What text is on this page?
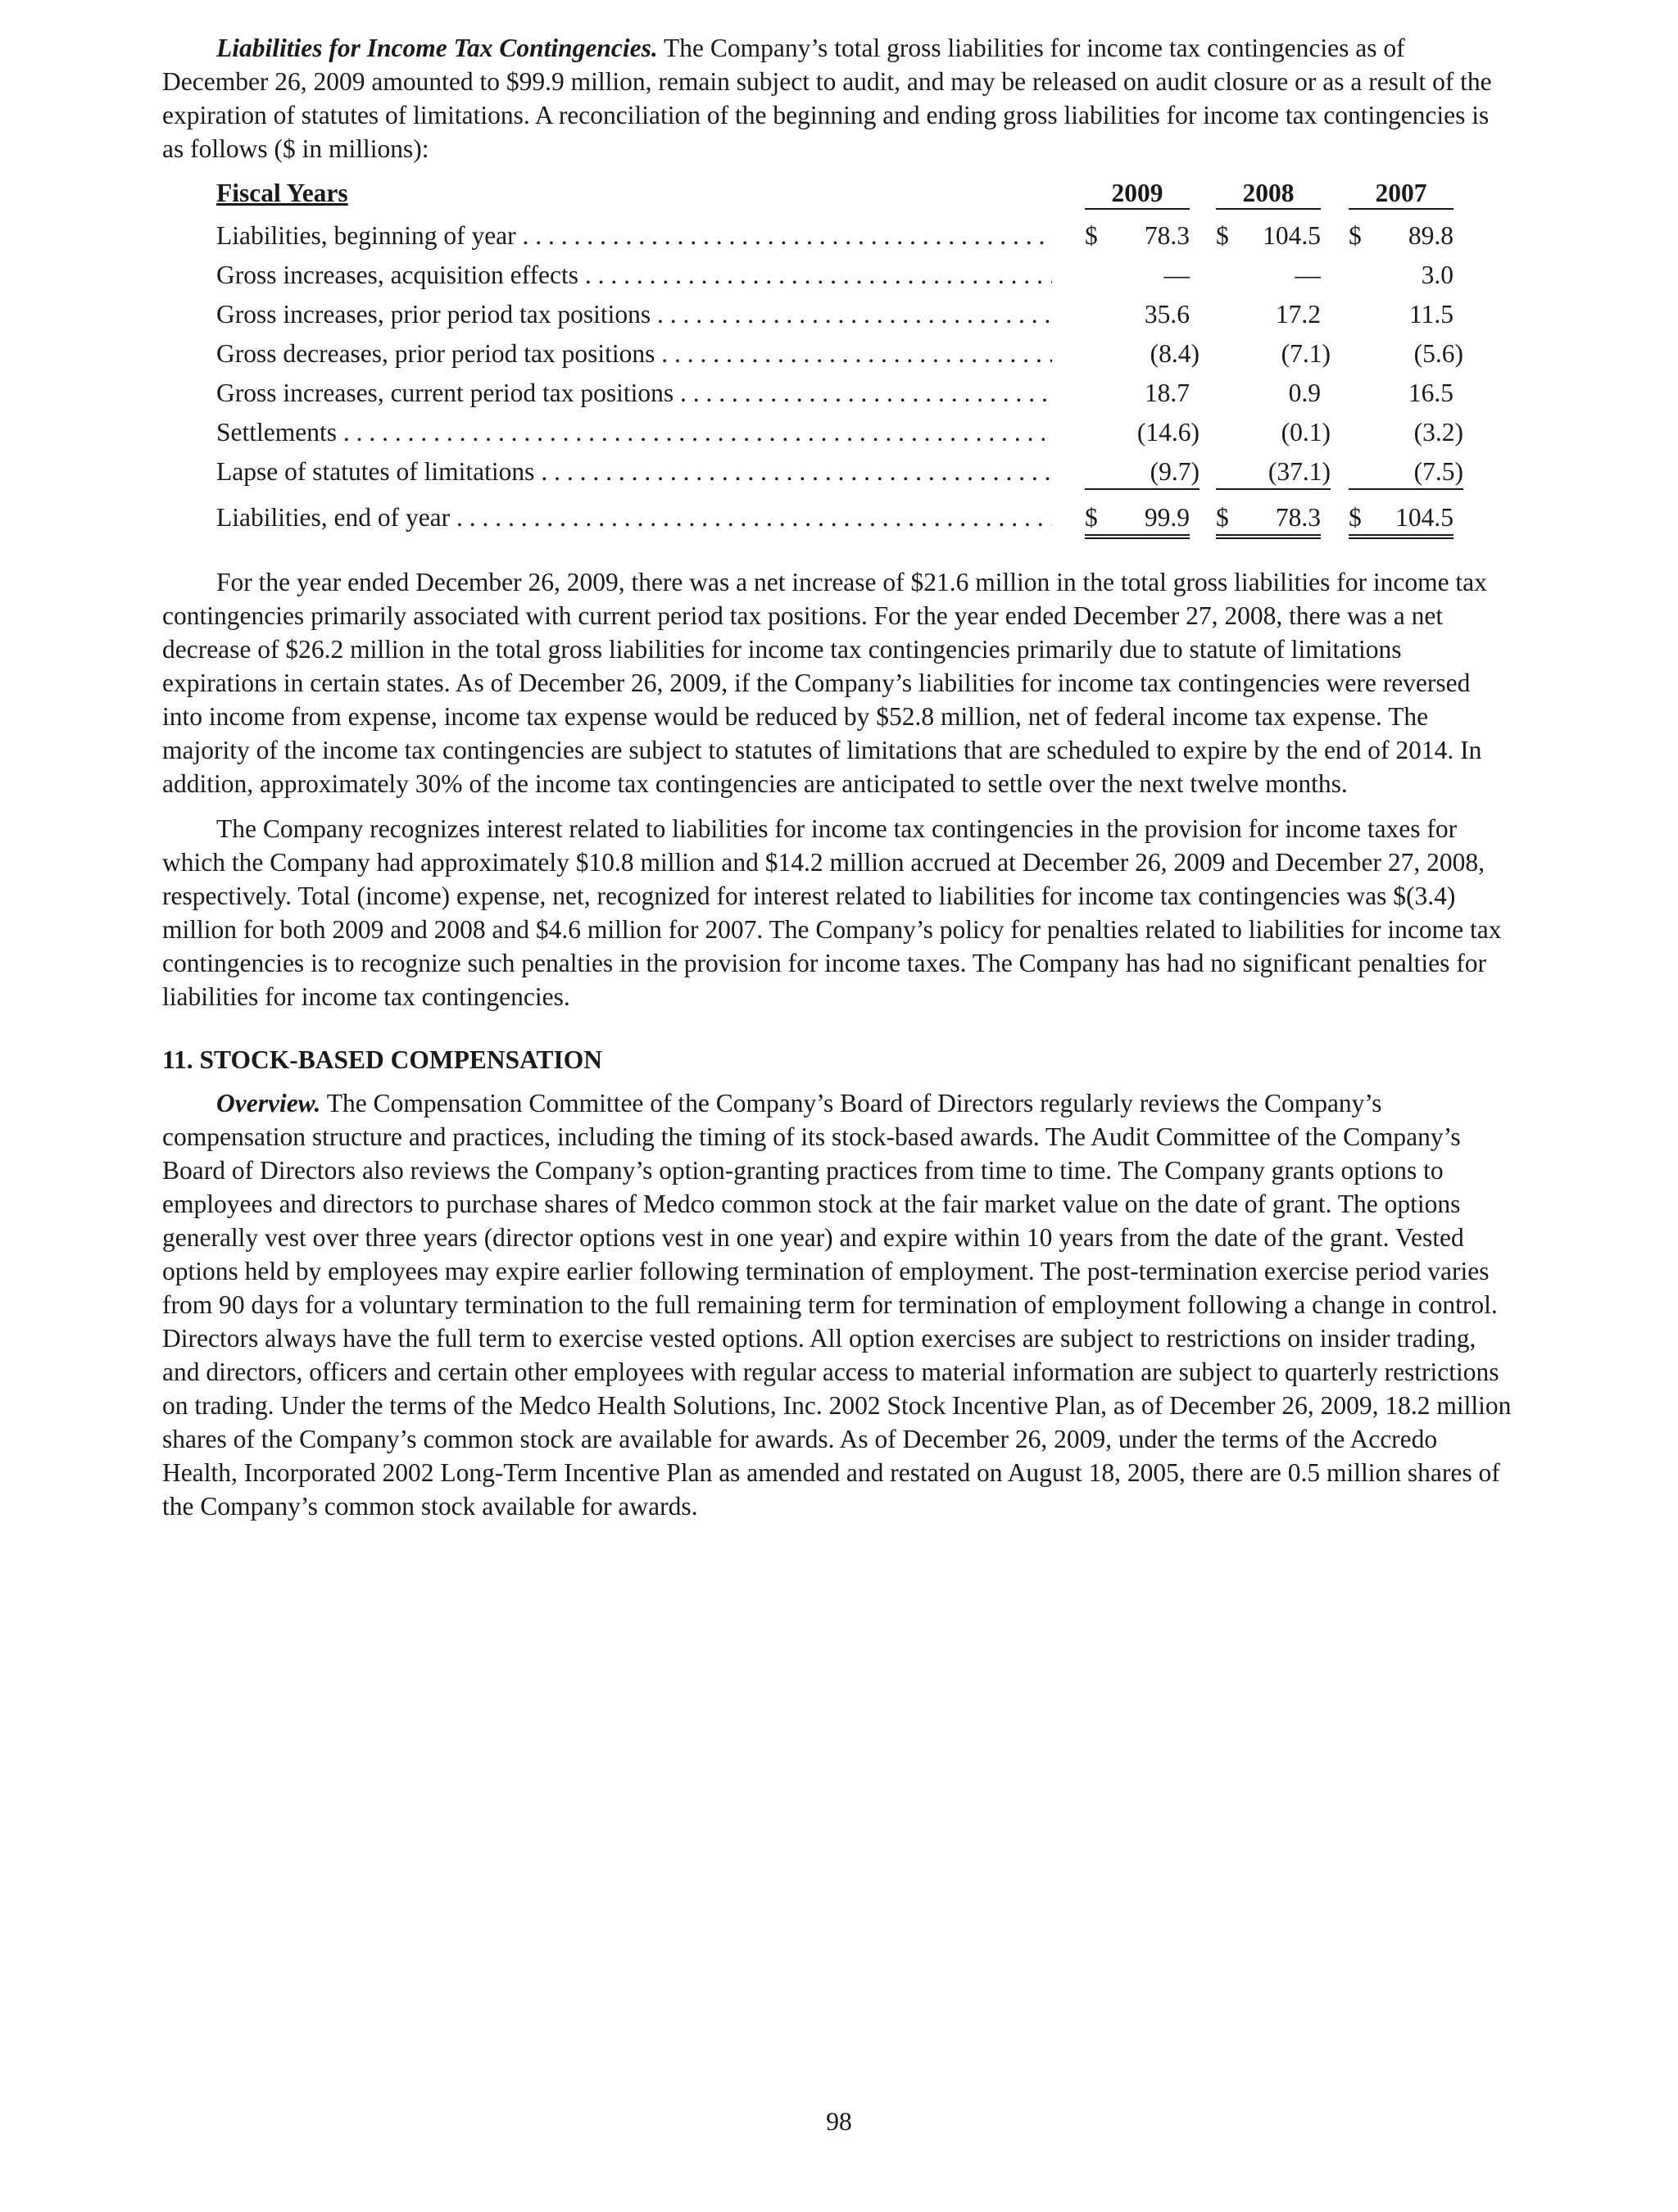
Liabilities for Income Tax Contingencies. The Company’s total gross liabilities for income tax contingencies as of December 26, 2009 amounted to $99.9 million, remain subject to audit, and may be released on audit closure or as a result of the expiration of statutes of limitations. A reconciliation of the beginning and ending gross liabilities for income tax contingencies is as follows ($ in millions):

Fiscal Years	2009	2008	2007
Liabilities, beginning of year . . .	$ 78.3 $ 104.5 $ 89.8
Gross increases, acquisition effects . . .	—	—	3.0
Gross increases, prior period tax positions . . .	35.6	17.2	11.5
Gross decreases, prior period tax positions . . .	(8.4)	(7.1)	(5.6)
Gross increases, current period tax positions . . .	18.7	0.9	16.5
Settlements . . .	(14.6)	(0.1)	(3.2)
Lapse of statutes of limitations . . .	(9.7)	(37.1)	(7.5)
Liabilities, end of year . . .	$ 99.9 $ 78.3 $ 104.5

For the year ended December 26, 2009, there was a net increase of $21.6 million in the total gross liabilities for income tax contingencies primarily associated with current period tax positions. For the year ended December 27, 2008, there was a net decrease of $26.2 million in the total gross liabilities for income tax contingencies primarily due to statute of limitations expirations in certain states. As of December 26, 2009, if the Company’s liabilities for income tax contingencies were reversed into income from expense, income tax expense would be reduced by $52.8 million, net of federal income tax expense. The majority of the income tax contingencies are subject to statutes of limitations that are scheduled to expire by the end of 2014. In addition, approximately 30% of the income tax contingencies are anticipated to settle over the next twelve months.

The Company recognizes interest related to liabilities for income tax contingencies in the provision for income taxes for which the Company had approximately $10.8 million and $14.2 million accrued at December 26, 2009 and December 27, 2008, respectively. Total (income) expense, net, recognized for interest related to liabilities for income tax contingencies was $(3.4) million for both 2009 and 2008 and $4.6 million for 2007. The Company’s policy for penalties related to liabilities for income tax contingencies is to recognize such penalties in the provision for income taxes. The Company has had no significant penalties for liabilities for income tax contingencies.

11. STOCK-BASED COMPENSATION

Overview. The Compensation Committee of the Company’s Board of Directors regularly reviews the Company’s compensation structure and practices, including the timing of its stock-based awards. The Audit Committee of the Company’s Board of Directors also reviews the Company’s option-granting practices from time to time. The Company grants options to employees and directors to purchase shares of Medco common stock at the fair market value on the date of grant. The options generally vest over three years (director options vest in one year) and expire within 10 years from the date of the grant. Vested options held by employees may expire earlier following termination of employment. The post-termination exercise period varies from 90 days for a voluntary termination to the full remaining term for termination of employment following a change in control. Directors always have the full term to exercise vested options. All option exercises are subject to restrictions on insider trading, and directors, officers and certain other employees with regular access to material information are subject to quarterly restrictions on trading. Under the terms of the Medco Health Solutions, Inc. 2002 Stock Incentive Plan, as of December 26, 2009, 18.2 million shares of the Company’s common stock are available for awards. As of December 26, 2009, under the terms of the Accredo Health, Incorporated 2002 Long-Term Incentive Plan as amended and restated on August 18, 2005, there are 0.5 million shares of the Company’s common stock available for awards.

98
